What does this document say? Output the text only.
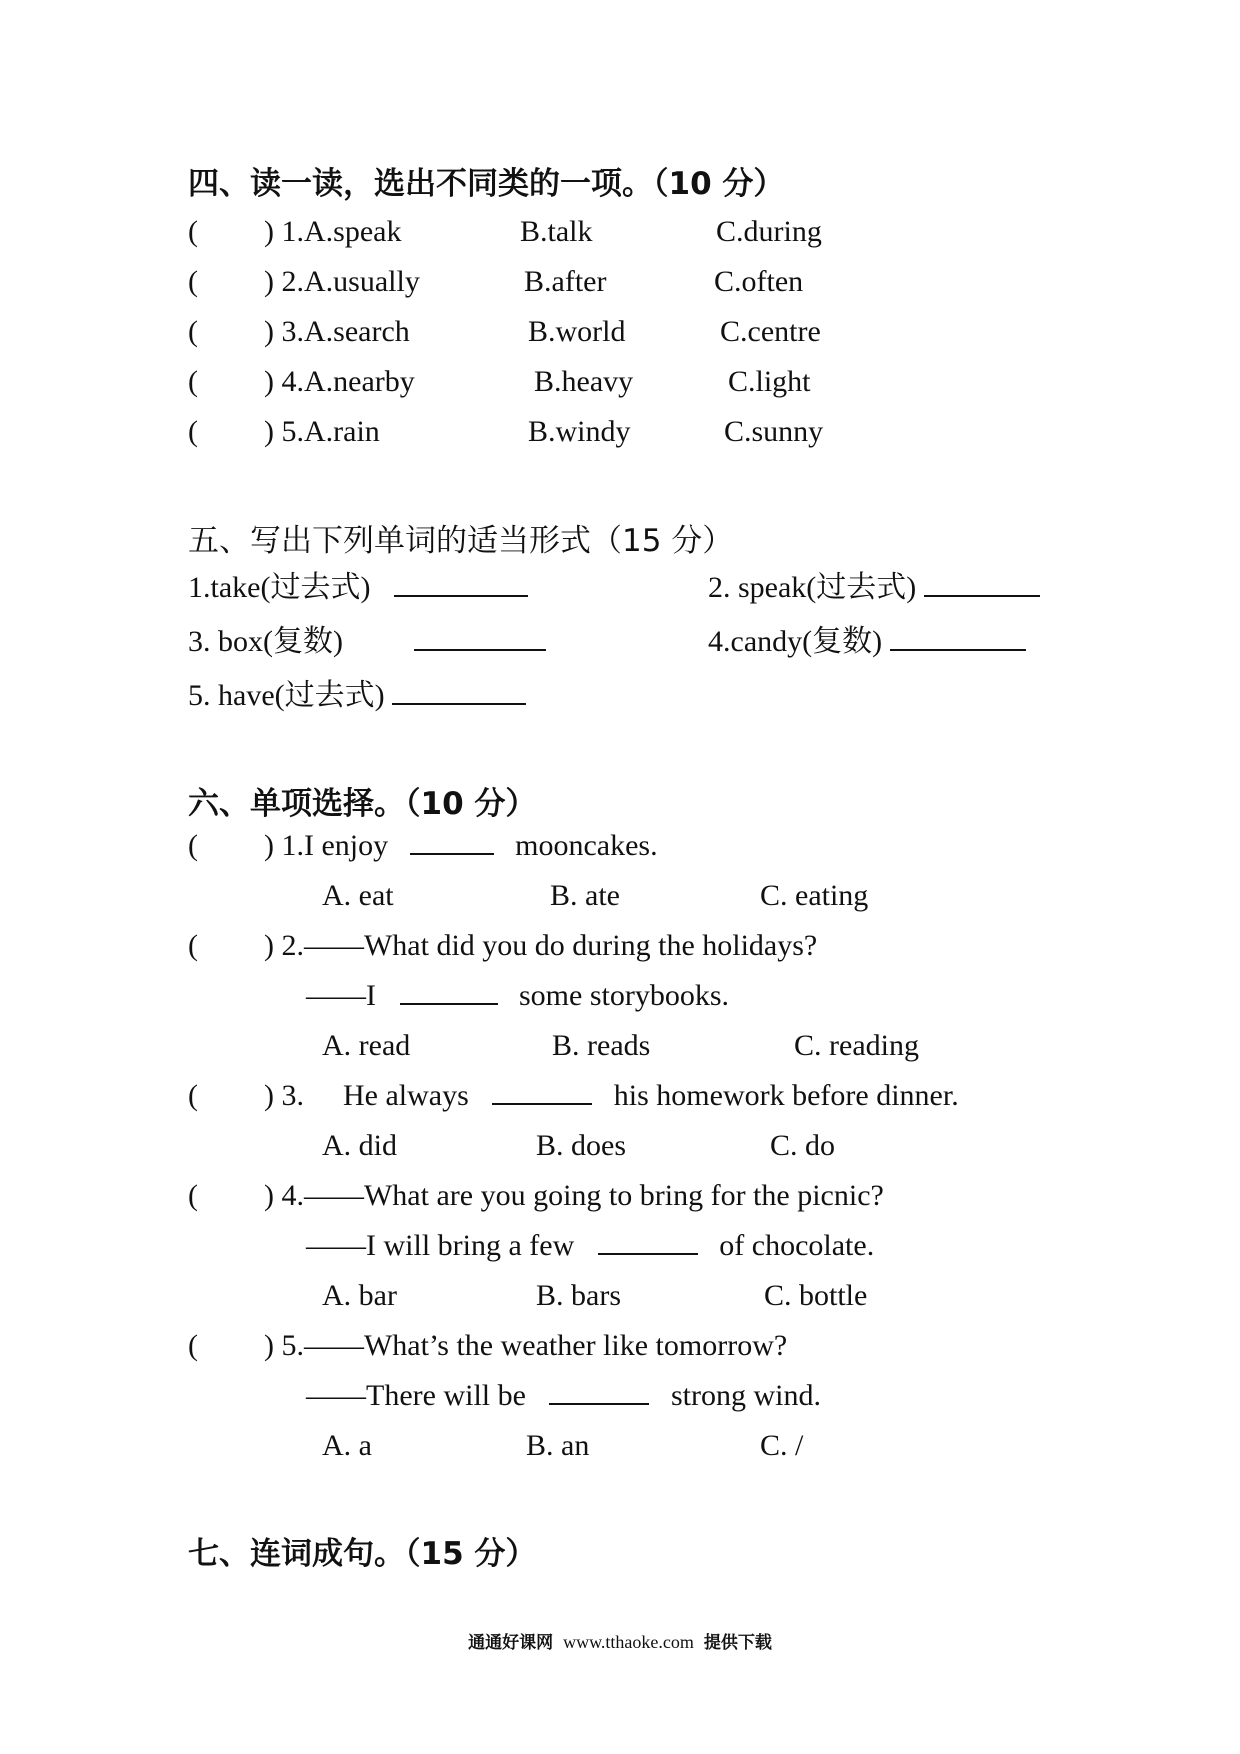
四、读一读，选出不同类的一项。（10 分）
( ) 1.A.speak	B.talk	C.during
( ) 2.A.usually	B.after	C.often
( ) 3.A.search	B.world	C.centre
( ) 4.A.nearby	B.heavy	C.light
( ) 5.A.rain	B.windy	C.sunny
五、写出下列单词的适当形式（15 分）
1.take(过去式)	2. speak(过去式)
3. box(复数)	4.candy(复数)
5. have(过去式)
六、单项选择。（10 分）
( ) 1.I enjoy	mooncakes.
A. eat	B. ate	C. eating
( ) 2.——What did you do during the holidays?
——I	some storybooks.
A. read	B. reads	C. reading
( ) 3. He always	his homework before dinner.
A. did	B. does	C. do
( ) 4.——What are you going to bring for the picnic?
——I will bring a few	of chocolate.
A. bar	B. bars	C. bottle
( ) 5.——What’s the weather like tomorrow?
——There will be	strong wind.
A. a	B. an	C. /
七、连词成句。（15 分）
通通好课网 www.tthaoke.com 提供下载
